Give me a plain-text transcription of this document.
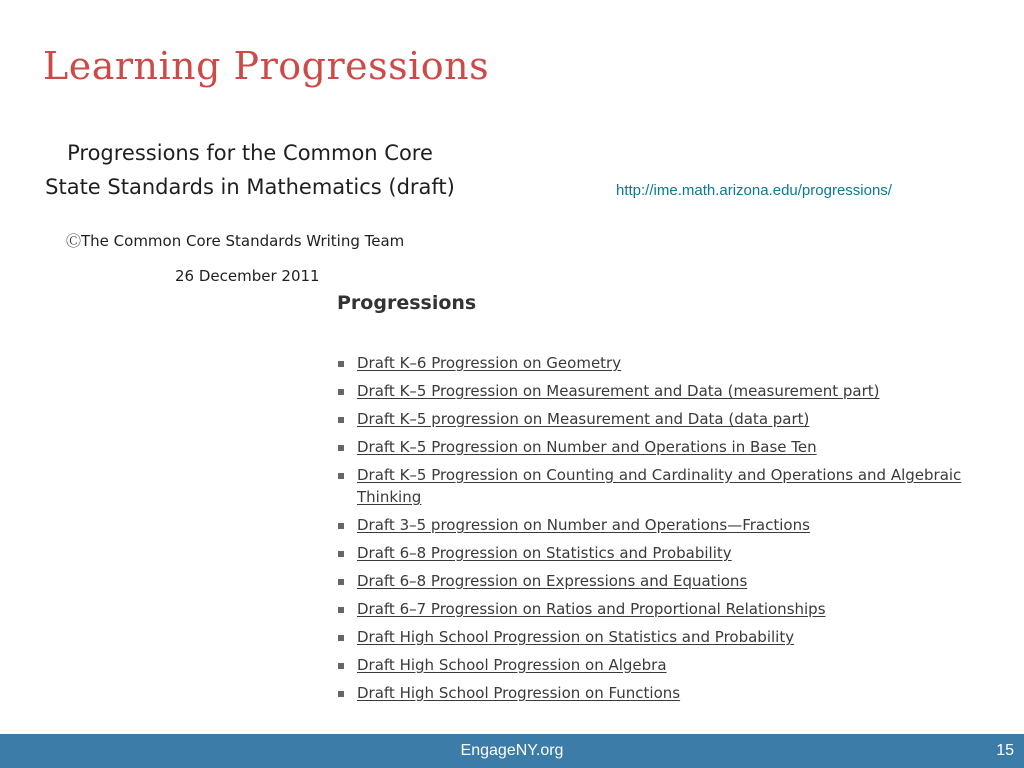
Learning Progressions
Progressions for the Common Core
State Standards in Mathematics (draft)
ⒸThe Common Core Standards Writing Team
26 December 2011
http://ime.math.arizona.edu/progressions/
Progressions
Draft K–6 Progression on Geometry
Draft K–5 Progression on Measurement and Data (measurement part)
Draft K–5 progression on Measurement and Data (data part)
Draft K–5 Progression on Number and Operations in Base Ten
Draft K–5 Progression on Counting and Cardinality and Operations and Algebraic Thinking
Draft 3–5 progression on Number and Operations—Fractions
Draft 6–8 Progression on Statistics and Probability
Draft 6–8 Progression on Expressions and Equations
Draft 6–7 Progression on Ratios and Proportional Relationships
Draft High School Progression on Statistics and Probability
Draft High School Progression on Algebra
Draft High School Progression on Functions
EngageNY.org	15
